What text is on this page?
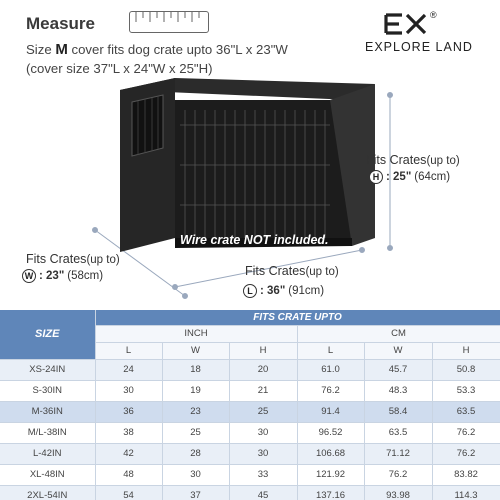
Measure
Size M cover fits dog crate upto 36"L x 23"W
(cover size 37"L x 24"W x 25"H)
®
EXPLORE LAND
Fits Crates(up to)
H : 25" (64cm)
Fits Crates(up to)
W : 23" (58cm)	Fits Crates(up to)
L : 36" (91cm)
Wire crate NOT included.
SIZE	FITS CRATE UPTO					
	INCH			CM		
	L	W	H	L	W	H
XS-24IN	24	18	20	61.0	45.7	50.8
S-30IN	30	19	21	76.2	48.3	53.3
M-36IN	36	23	25	91.4	58.4	63.5
M/L-38IN	38	25	30	96.52	63.5	76.2
L-42IN	42	28	30	106.68	71.12	76.2
XL-48IN	48	30	33	121.92	76.2	83.82
2XL-54IN	54	37	45	137.16	93.98	114.3
